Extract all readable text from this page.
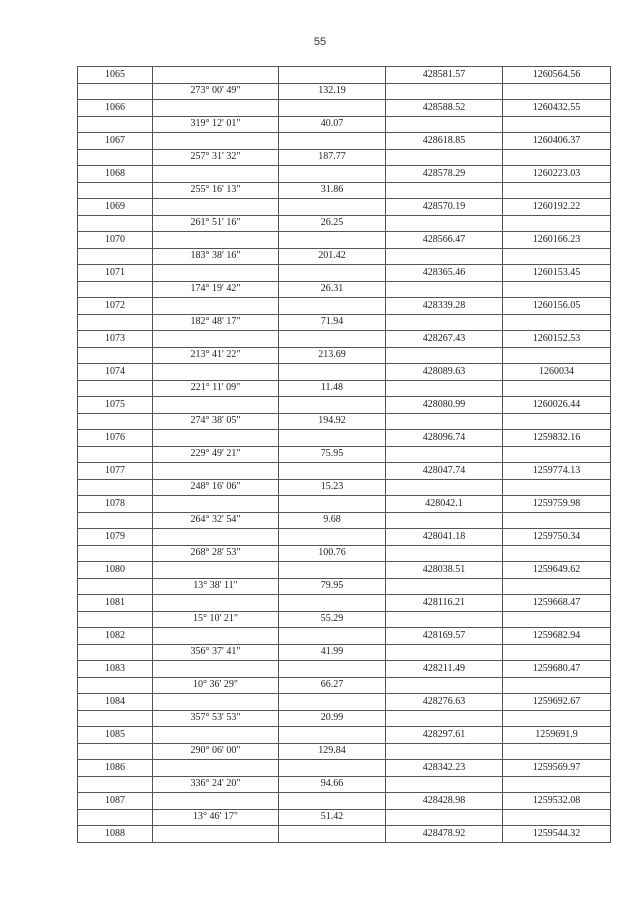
55
1065			428581.57	1260564.56
	273° 00' 49"	132.19		
1066			428588.52	1260432.55
	319° 12' 01"	40.07		
1067			428618.85	1260406.37
	257° 31' 32"	187.77		
1068			428578.29	1260223.03
	255° 16' 13"	31.86		
1069			428570.19	1260192.22
	261° 51' 16"	26.25		
1070			428566.47	1260166.23
	183° 38' 16"	201.42		
1071			428365.46	1260153.45
	174° 19' 42"	26.31		
1072			428339.28	1260156.05
	182° 48' 17"	71.94		
1073			428267.43	1260152.53
	213° 41' 22"	213.69		
1074			428089.63	1260034
	221° 11' 09"	11.48		
1075			428080.99	1260026.44
	274° 38' 05"	194.92		
1076			428096.74	1259832.16
	229° 49' 21"	75.95		
1077			428047.74	1259774.13
	248° 16' 06"	15.23		
1078			428042.1	1259759.98
	264° 32' 54"	9.68		
1079			428041.18	1259750.34
	268° 28' 53"	100.76		
1080			428038.51	1259649.62
	13° 38' 11"	79.95		
1081			428116.21	1259668.47
	15° 10' 21"	55.29		
1082			428169.57	1259682.94
	356° 37' 41"	41.99		
1083			428211.49	1259680.47
	10° 36' 29"	66.27		
1084			428276.63	1259692.67
	357° 53' 53"	20.99		
1085			428297.61	1259691.9
	290° 06' 00"	129.84		
1086			428342.23	1259569.97
	336° 24' 20"	94.66		
1087			428428.98	1259532.08
	13° 46' 17"	51.42		
1088			428478.92	1259544.32
